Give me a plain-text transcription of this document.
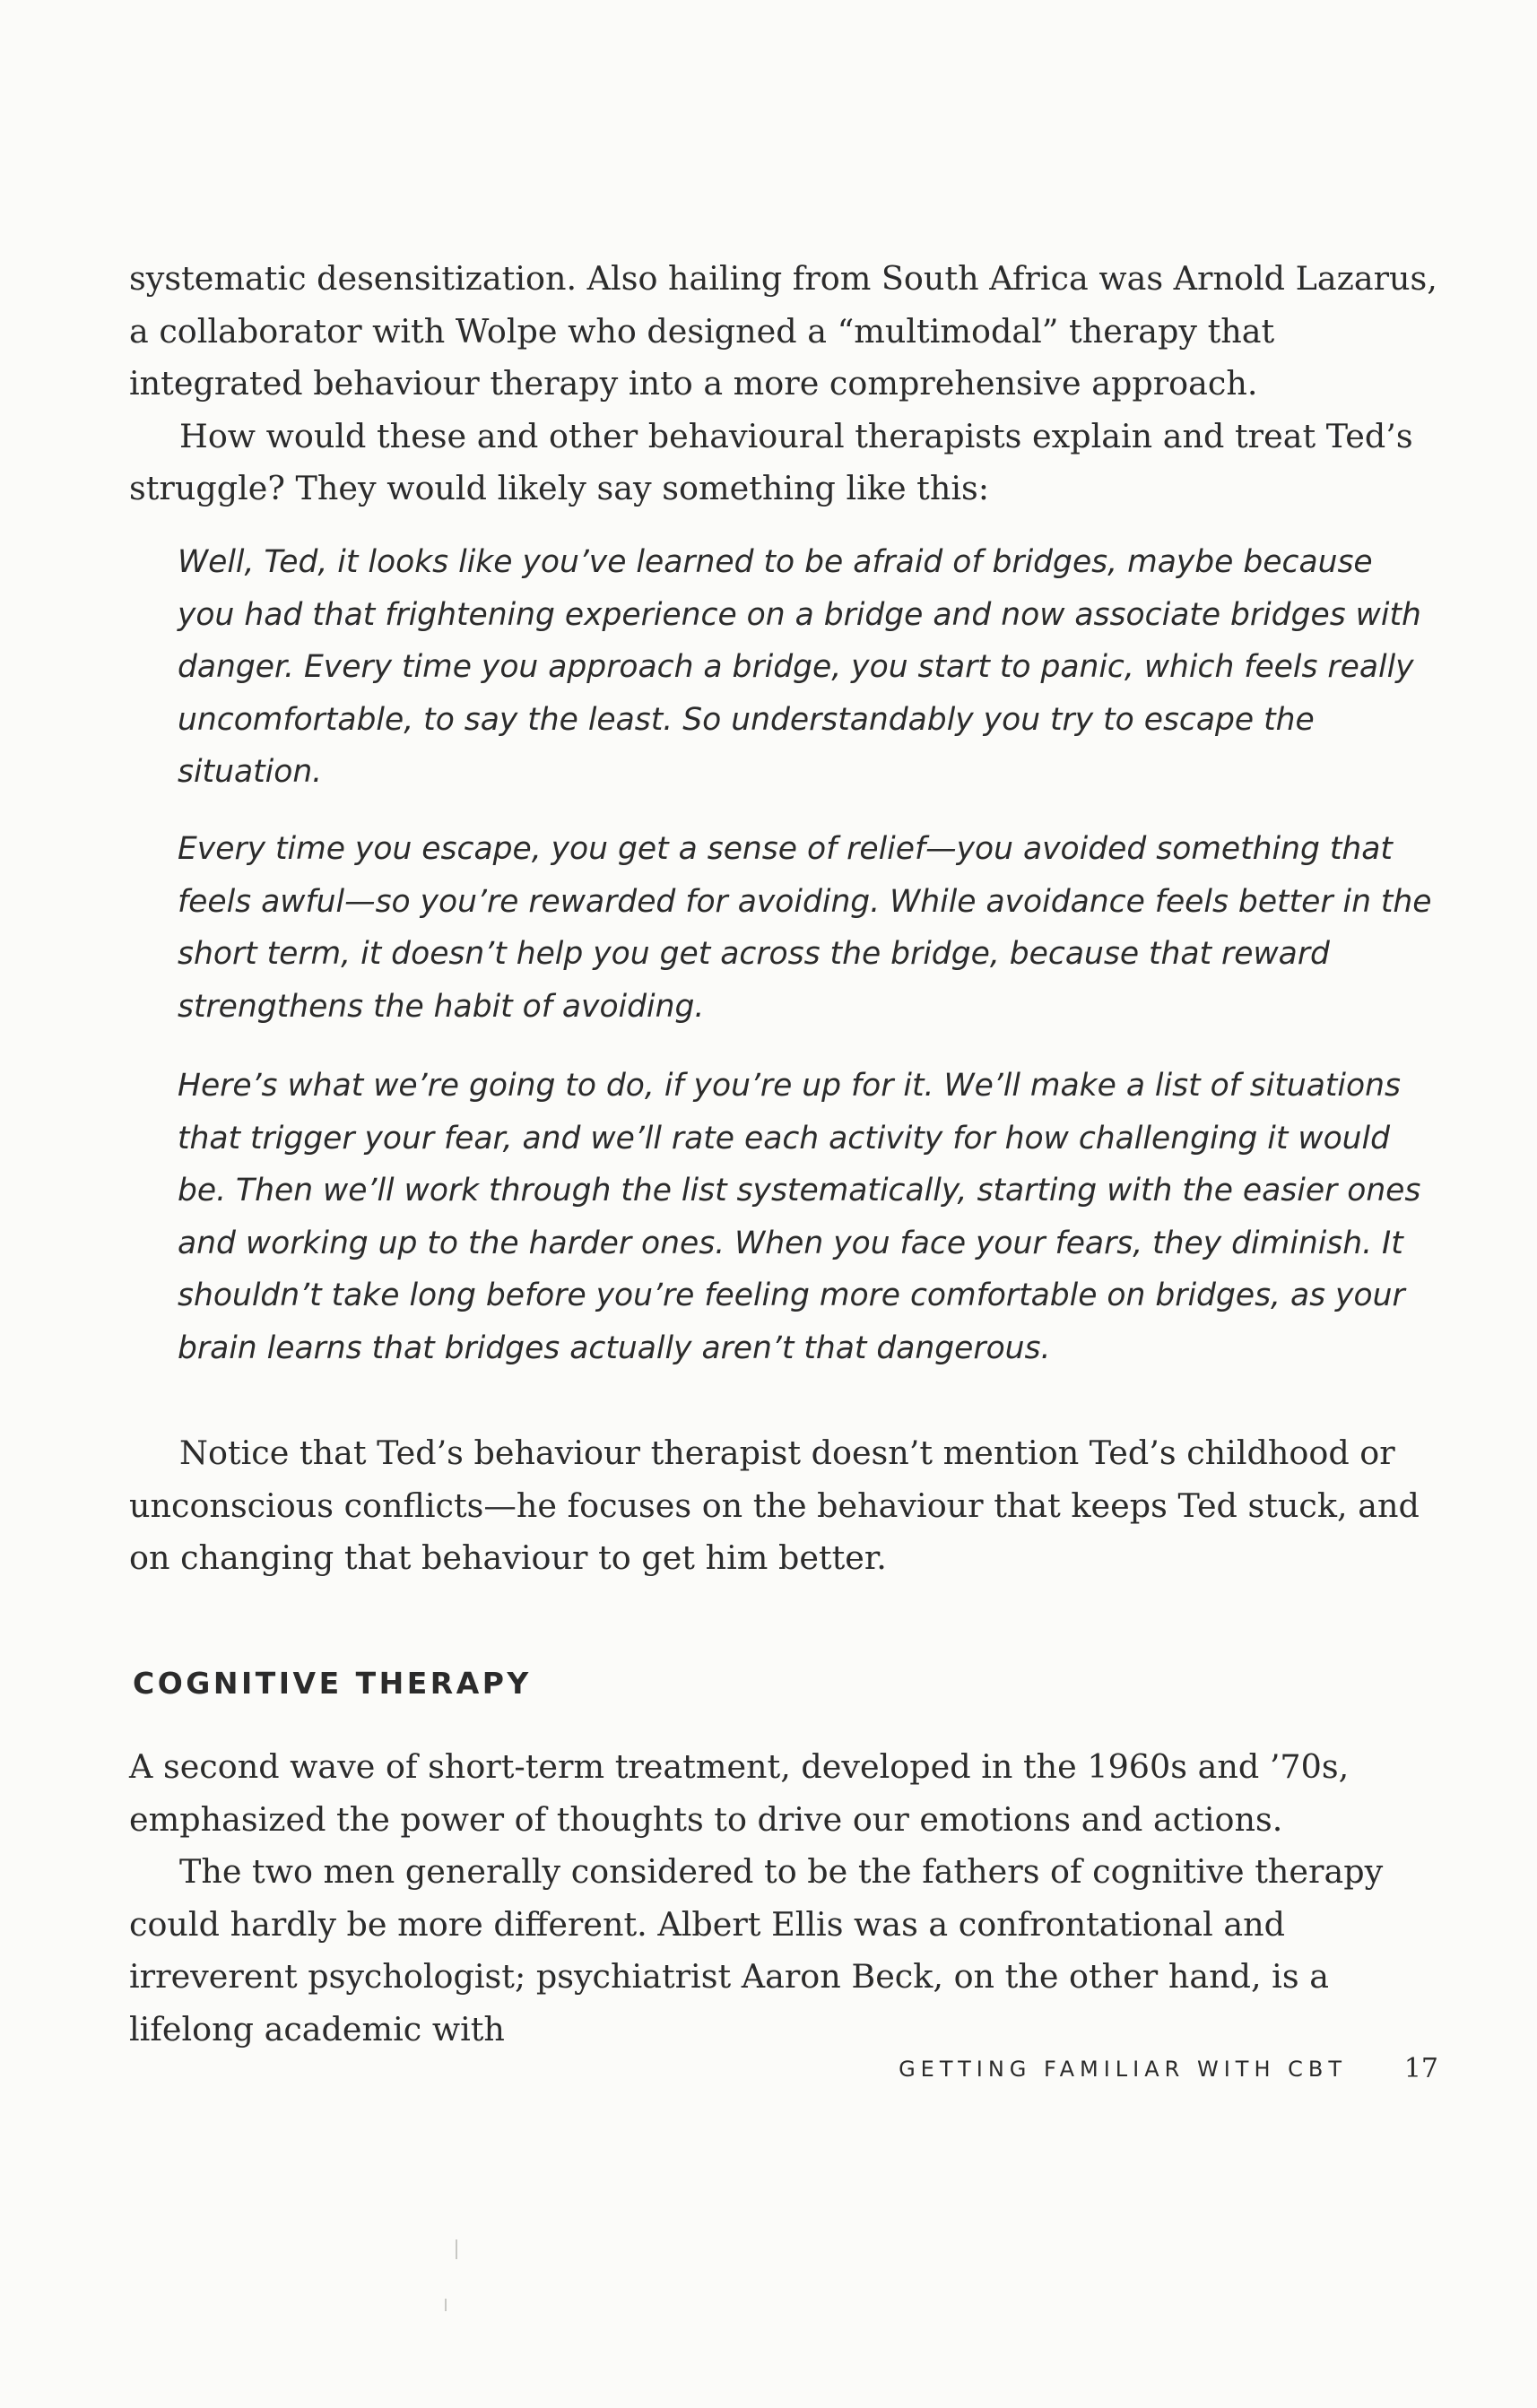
systematic desensitization. Also hailing from South Africa was Arnold Lazarus, a collaborator with Wolpe who designed a “multimodal” therapy that integrated behaviour therapy into a more comprehensive approach.

How would these and other behavioural therapists explain and treat Ted’s struggle? They would likely say something like this:

Well, Ted, it looks like you’ve learned to be afraid of bridges, maybe because you had that frightening experience on a bridge and now associate bridges with danger. Every time you approach a bridge, you start to panic, which feels really uncomfortable, to say the least. So understandably you try to escape the situation.

Every time you escape, you get a sense of relief—you avoided something that feels awful—so you’re rewarded for avoiding. While avoidance feels better in the short term, it doesn’t help you get across the bridge, because that reward strengthens the habit of avoiding.

Here’s what we’re going to do, if you’re up for it. We’ll make a list of situations that trigger your fear, and we’ll rate each activity for how challenging it would be. Then we’ll work through the list systematically, starting with the easier ones and working up to the harder ones. When you face your fears, they diminish. It shouldn’t take long before you’re feeling more comfortable on bridges, as your brain learns that bridges actually aren’t that dangerous.

Notice that Ted’s behaviour therapist doesn’t mention Ted’s childhood or unconscious conflicts—he focuses on the behaviour that keeps Ted stuck, and on changing that behaviour to get him better.

COGNITIVE THERAPY

A second wave of short-term treatment, developed in the 1960s and ’70s, emphasized the power of thoughts to drive our emotions and actions.

The two men generally considered to be the fathers of cognitive therapy could hardly be more different. Albert Ellis was a confrontational and irreverent psychologist; psychiatrist Aaron Beck, on the other hand, is a lifelong academic with

GETTING FAMILIAR WITH CBT 17
